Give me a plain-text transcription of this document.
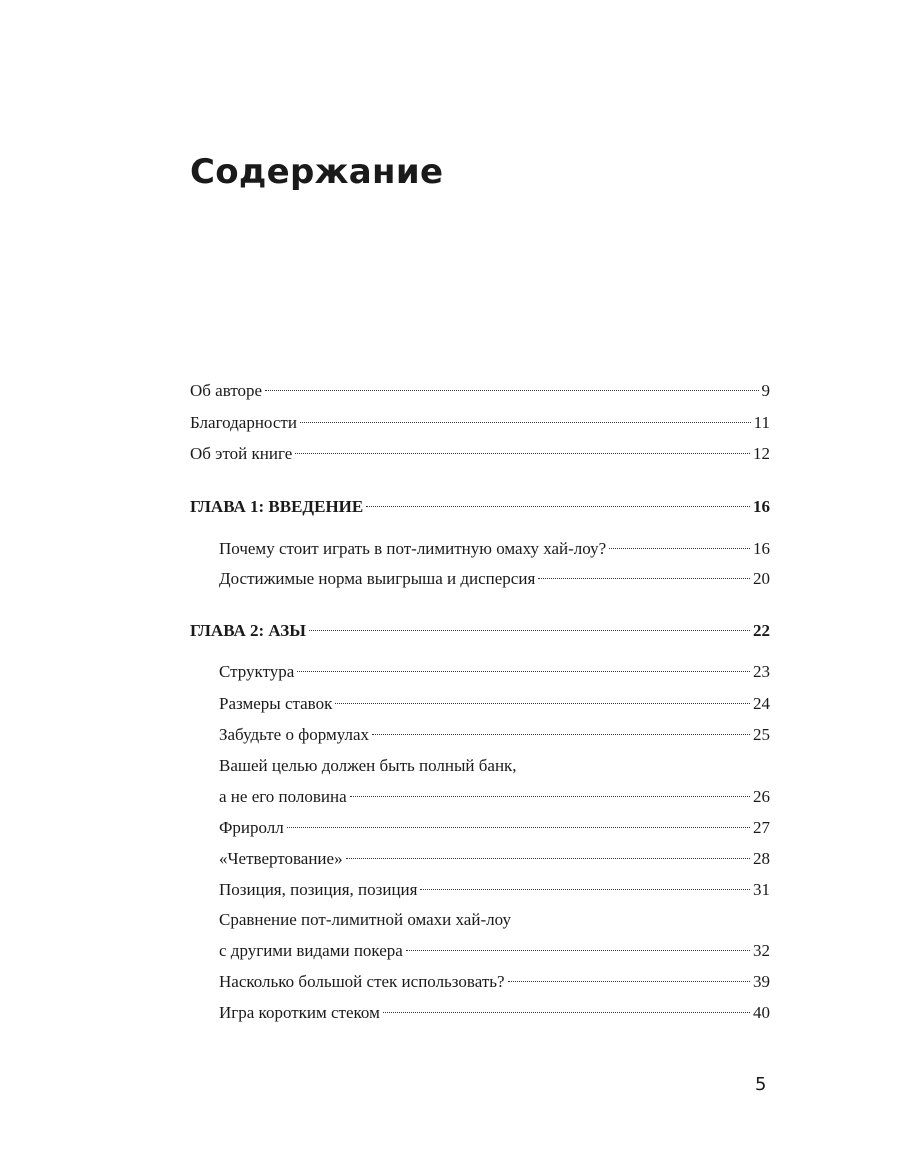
Содержание
Об авторе	9
Благодарности	11
Об этой книге	12
ГЛАВА 1: ВВЕДЕНИЕ	16
Почему стоит играть в пот-лимитную омаху хай-лоу?	16
Достижимые норма выигрыша и дисперсия	20
ГЛАВА 2: АЗЫ	22
Структура	23
Размеры ставок	24
Забудьте о формулах	25
Вашей целью должен быть полный банк,
а не его половина	26
Фриролл	27
«Четвертование»	28
Позиция, позиция, позиция	31
Сравнение пот-лимитной омахи хай-лоу
с другими видами покера	32
Насколько большой стек использовать?	39
Игра коротким стеком	40
5
